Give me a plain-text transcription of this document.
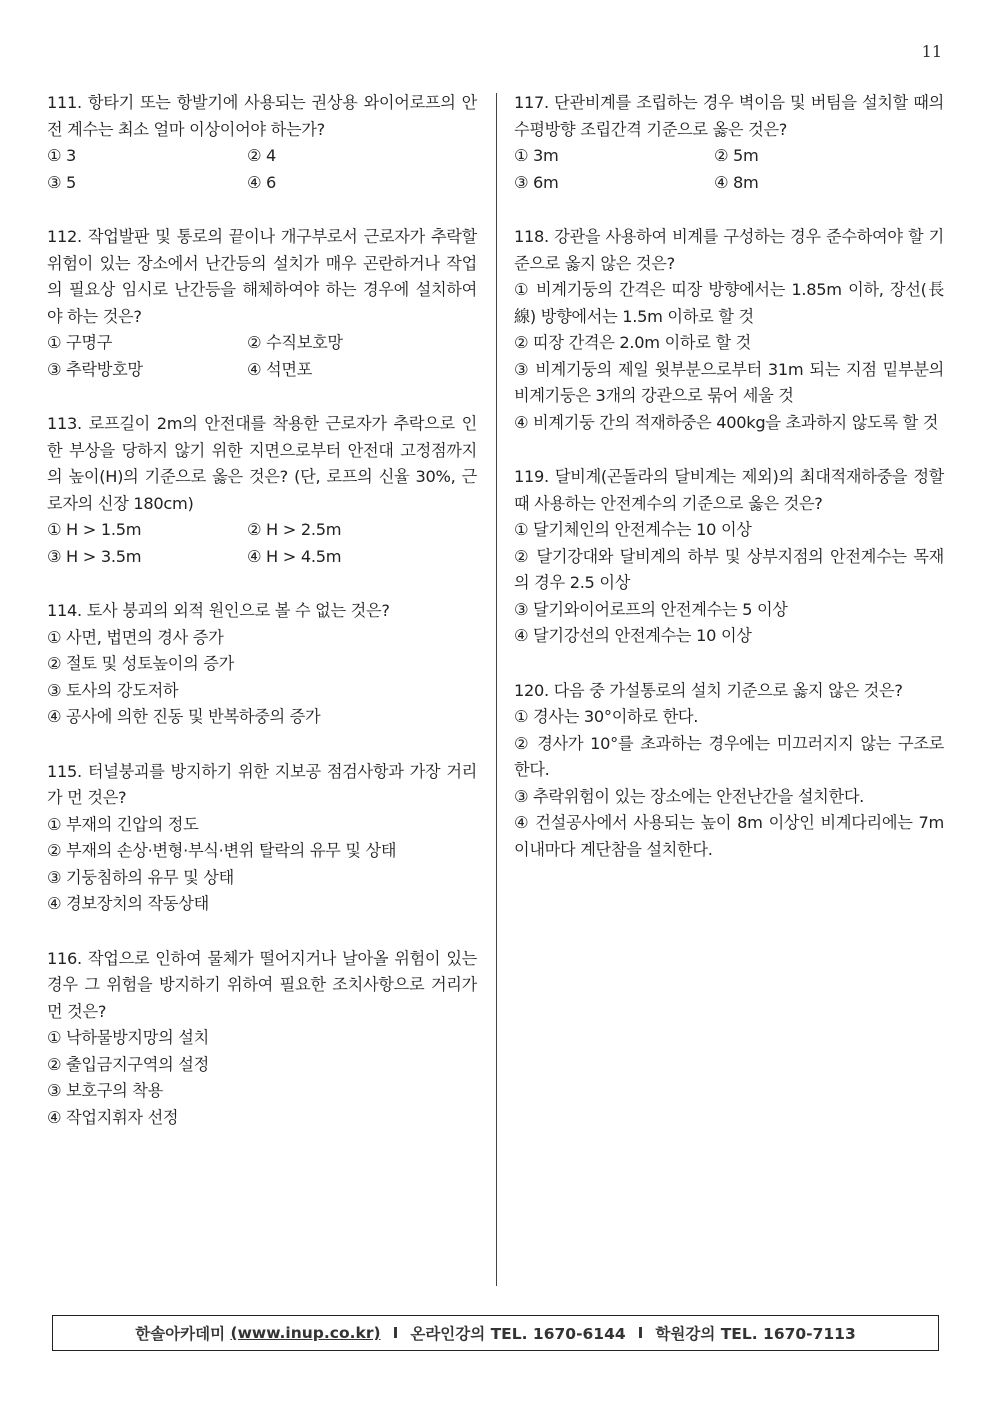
11
111. 항타기 또는 항발기에 사용되는 권상용 와이어로프의 안전 계수는 최소 얼마 이상이어야 하는가?
① 3	② 4
③ 5	④ 6
112. 작업발판 및 통로의 끝이나 개구부로서 근로자가 추락할 위험이 있는 장소에서 난간등의 설치가 매우 곤란하거나 작업의 필요상 임시로 난간등을 해체하여야 하는 경우에 설치하여야 하는 것은?
① 구명구	② 수직보호망
③ 추락방호망	④ 석면포
113. 로프길이 2m의 안전대를 착용한 근로자가 추락으로 인한 부상을 당하지 않기 위한 지면으로부터 안전대 고정점까지의 높이(H)의 기준으로 옳은 것은? (단, 로프의 신율 30%, 근로자의 신장 180cm)
① H > 1.5m	② H > 2.5m
③ H > 3.5m	④ H > 4.5m
114. 토사 붕괴의 외적 원인으로 볼 수 없는 것은?
① 사면, 법면의 경사 증가
② 절토 및 성토높이의 증가
③ 토사의 강도저하
④ 공사에 의한 진동 및 반복하중의 증가
115. 터널붕괴를 방지하기 위한 지보공 점검사항과 가장 거리가 먼 것은?
① 부재의 긴압의 정도
② 부재의 손상·변형·부식·변위 탈락의 유무 및 상태
③ 기둥침하의 유무 및 상태
④ 경보장치의 작동상태
116. 작업으로 인하여 물체가 떨어지거나 날아올 위험이 있는 경우 그 위험을 방지하기 위하여 필요한 조치사항으로 거리가 먼 것은?
① 낙하물방지망의 설치
② 출입금지구역의 설정
③ 보호구의 착용
④ 작업지휘자 선정
117. 단관비계를 조립하는 경우 벽이음 및 버팀을 설치할 때의 수평방향 조립간격 기준으로 옳은 것은?
① 3m	② 5m
③ 6m	④ 8m
118. 강관을 사용하여 비계를 구성하는 경우 준수하여야 할 기준으로 옳지 않은 것은?
① 비계기둥의 간격은 띠장 방향에서는 1.85m 이하, 장선(長線) 방향에서는 1.5m 이하로 할 것
② 띠장 간격은 2.0m 이하로 할 것
③ 비계기둥의 제일 윗부분으로부터 31m 되는 지점 밑부분의 비계기둥은 3개의 강관으로 묶어 세울 것
④ 비계기둥 간의 적재하중은 400kg을 초과하지 않도록 할 것
119. 달비계(곤돌라의 달비계는 제외)의 최대적재하중을 정할 때 사용하는 안전계수의 기준으로 옳은 것은?
① 달기체인의 안전계수는 10 이상
② 달기강대와 달비계의 하부 및 상부지점의 안전계수는 목재의 경우 2.5 이상
③ 달기와이어로프의 안전계수는 5 이상
④ 달기강선의 안전계수는 10 이상
120. 다음 중 가설통로의 설치 기준으로 옳지 않은 것은?
① 경사는 30°이하로 한다.
② 경사가 10°를 초과하는 경우에는 미끄러지지 않는 구조로 한다.
③ 추락위험이 있는 장소에는 안전난간을 설치한다.
④ 건설공사에서 사용되는 높이 8m 이상인 비계다리에는 7m 이내마다 계단참을 설치한다.
한솔아카데미
(www.inup.co.kr) I 온라인강의 TEL. 1670-6144 I 학원강의 TEL. 1670-7113
